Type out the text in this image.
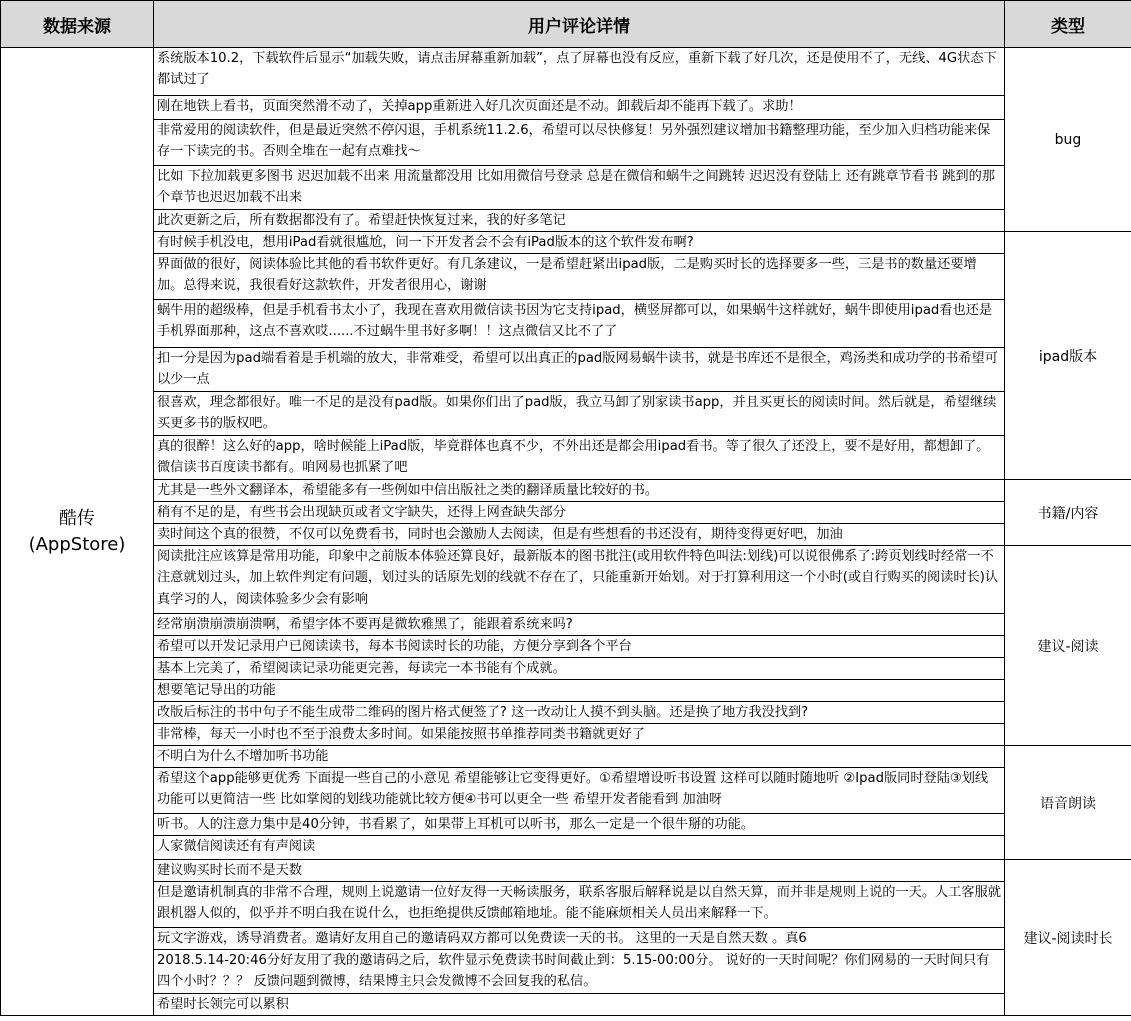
数据来源	用户评论详情	类型

酷传
(AppStore)	系统版本10.2，下载软件后显示“加载失败，请点击屏幕重新加载”，点了屏幕也没有反应，重新下载了好几次，还是使用不了，无线、4G状态下都试过了	bug

	刚在地铁上看书，页面突然滑不动了，关掉app重新进入好几次页面还是不动。卸载后却不能再下载了。求助！	

	非常爱用的阅读软件，但是最近突然不停闪退，手机系统11.2.6，希望可以尽快修复！另外强烈建议增加书籍整理功能，至少加入归档功能来保存一下读完的书。否则全堆在一起有点难找～	

	比如 下拉加载更多图书 迟迟加载不出来 用流量都没用 比如用微信号登录 总是在微信和蜗牛之间跳转 迟迟没有登陆上 还有跳章节看书 跳到的那个章节也迟迟加载不出来	

	此次更新之后，所有数据都没有了。希望赶快恢复过来，我的好多笔记	

	有时候手机没电，想用iPad看就很尴尬，问一下开发者会不会有iPad版本的这个软件发布啊?	ipad版本

	界面做的很好，阅读体验比其他的看书软件更好。有几条建议，一是希望赶紧出ipad版，二是购买时长的选择要多一些，三是书的数量还要增加。总得来说，我很看好这款软件，开发者很用心，谢谢	

	蜗牛用的超级棒，但是手机看书太小了，我现在喜欢用微信读书因为它支持ipad，横竖屏都可以，如果蜗牛这样就好，蜗牛即使用ipad看也还是手机界面那种，这点不喜欢哎......不过蜗牛里书好多啊！！这点微信又比不了了	

	扣一分是因为pad端看着是手机端的放大，非常难受，希望可以出真正的pad版网易蜗牛读书，就是书库还不是很全，鸡汤类和成功学的书希望可以少一点	

	很喜欢，理念都很好。唯一不足的是没有pad版。如果你们出了pad版，我立马卸了别家读书app，并且买更长的阅读时间。然后就是，希望继续买更多书的版权吧。	

	真的很醉！这么好的app，啥时候能上iPad版，毕竟群体也真不少，不外出还是都会用ipad看书。等了很久了还没上，要不是好用，都想卸了。微信读书百度读书都有。咱网易也抓紧了吧	

	尤其是一些外文翻译本，希望能多有一些例如中信出版社之类的翻译质量比较好的书。	书籍/内容

	稍有不足的是，有些书会出现缺页或者文字缺失，还得上网查缺失部分	

	卖时间这个真的很赞，不仅可以免费看书，同时也会激励人去阅读，但是有些想看的书还没有，期待变得更好吧，加油	

	阅读批注应该算是常用功能，印象中之前版本体验还算良好，最新版本的图书批注(或用软件特色叫法:划线)可以说很佛系了:跨页划线时经常一不注意就划过头，加上软件判定有问题，划过头的话原先划的线就不存在了，只能重新开始划。对于打算利用这一个小时(或自行购买的阅读时长)认真学习的人，阅读体验多少会有影响	建议-阅读

	经常崩溃崩溃崩溃啊，希望字体不要再是微软雅黑了，能跟着系统来吗?	

	希望可以开发记录用户已阅读读书，每本书阅读时长的功能，方便分享到各个平台	

	基本上完美了，希望阅读记录功能更完善，每读完一本书能有个成就。	

	想要笔记导出的功能	

	改版后标注的书中句子不能生成带二维码的图片格式便签了? 这一改动让人摸不到头脑。还是换了地方我没找到?	

	非常棒，每天一小时也不至于浪费太多时间。如果能按照书单推荐同类书籍就更好了	

	不明白为什么不增加听书功能	语音朗读

	希望这个app能够更优秀 下面提一些自己的小意见 希望能够让它变得更好。①希望增设听书设置 这样可以随时随地听 ②Ipad版同时登陆③划线功能可以更简洁一些 比如掌阅的划线功能就比较方便④书可以更全一些 希望开发者能看到 加油呀	

	听书。人的注意力集中是40分钟，书看累了，如果带上耳机可以听书，那么一定是一个很牛掰的功能。	

	人家微信阅读还有有声阅读	

	建议购买时长而不是天数	建议-阅读时长

	但是邀请机制真的非常不合理，规则上说邀请一位好友得一天畅读服务，联系客服后解释说是以自然天算，而并非是规则上说的一天。人工客服就跟机器人似的，似乎并不明白我在说什么，也拒绝提供反馈邮箱地址。能不能麻烦相关人员出来解释一下。	

	玩文字游戏，诱导消费者。邀请好友用自己的邀请码双方都可以免费读一天的书。 这里的一天是自然天数 。真6	

	2018.5.14-20:46分好友用了我的邀请码之后，软件显示免费读书时间截止到：5.15-00:00分。 说好的一天时间呢？你们网易的一天时间只有四个小时？？？ 反馈问题到微博，结果博主只会发微博不会回复我的私信。	

	希望时长领完可以累积	
